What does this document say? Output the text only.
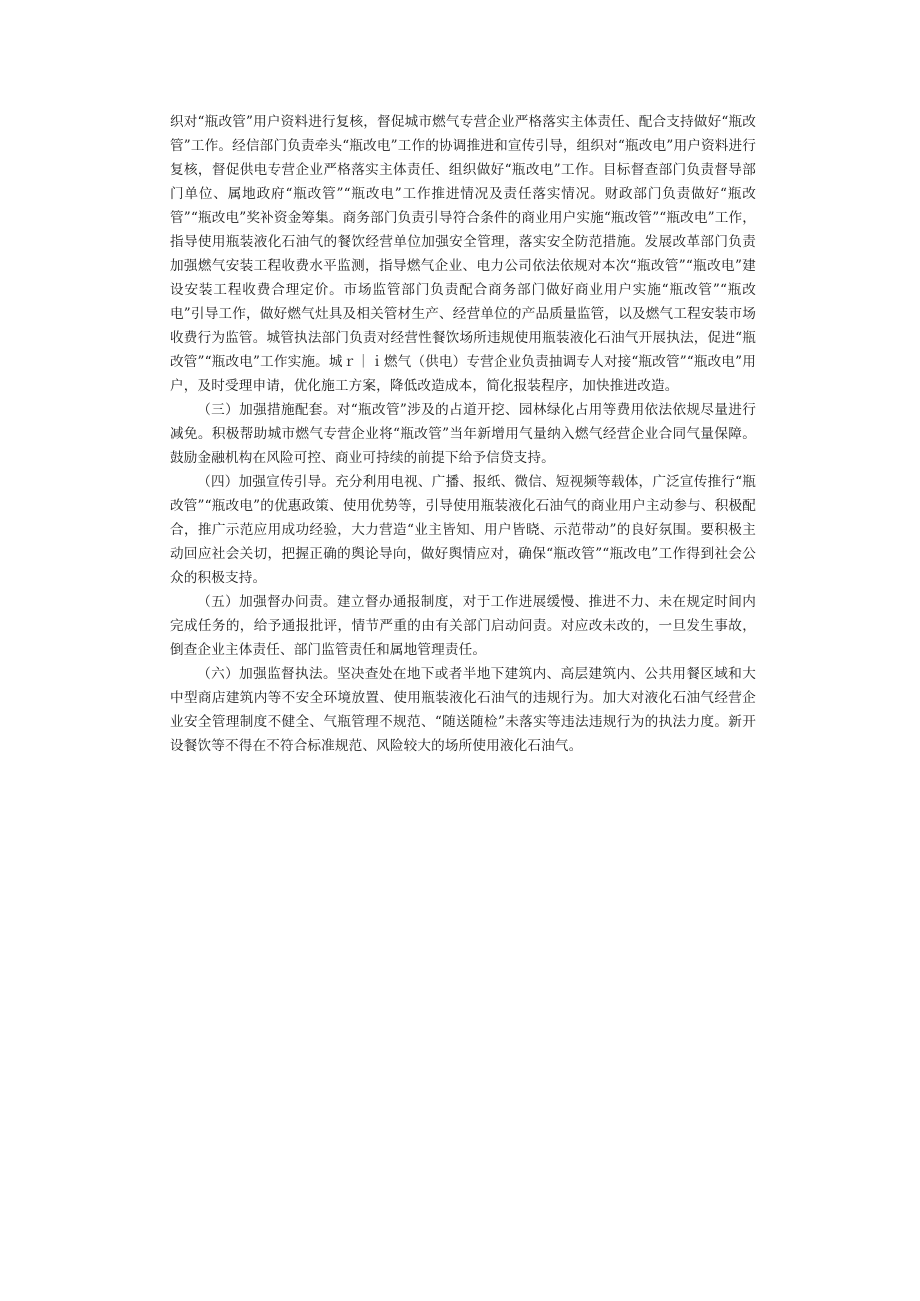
织对“瓶改管”用户资料进行复核，督促城市燃气专营企业严格落实主体责任、配合支持做好“瓶改管”工作。经信部门负责牵头“瓶改电”工作的协调推进和宣传引导，组织对“瓶改电”用户资料进行复核，督促供电专营企业严格落实主体责任、组织做好“瓶改电”工作。目标督查部门负责督导部门单位、属地政府“瓶改管”“瓶改电”工作推进情况及责任落实情况。财政部门负责做好“瓶改管”“瓶改电”奖补资金筹集。商务部门负责引导符合条件的商业用户实施“瓶改管”“瓶改电”工作，指导使用瓶装液化石油气的餐饮经营单位加强安全管理，落实安全防范措施。发展改革部门负责加强燃气安装工程收费水平监测，指导燃气企业、电力公司依法依规对本次“瓶改管”“瓶改电”建设安装工程收费合理定价。市场监管部门负责配合商务部门做好商业用户实施“瓶改管”“瓶改电”引导工作，做好燃气灶具及相关管材生产、经营单位的产品质量监管，以及燃气工程安装市场收费行为监管。城管执法部门负责对经营性餐饮场所违规使用瓶装液化石油气开展执法，促进“瓶改管”“瓶改电”工作实施。城ｒ｜ｉ燃气（供电）专营企业负责抽调专人对接“瓶改管”“瓶改电”用户，及时受理申请，优化施工方案，降低改造成本，简化报装程序，加快推进改造。

（三）加强措施配套。对“瓶改管”涉及的占道开挖、园林绿化占用等费用依法依规尽量进行减免。积极帮助城市燃气专营企业将“瓶改管”当年新增用气量纳入燃气经营企业合同气量保障。鼓励金融机构在风险可控、商业可持续的前提下给予信贷支持。

（四）加强宣传引导。充分利用电视、广播、报纸、微信、短视频等载体，广泛宣传推行“瓶改管”“瓶改电”的优惠政策、使用优势等，引导使用瓶装液化石油气的商业用户主动参与、积极配合，推广示范应用成功经验，大力营造“业主皆知、用户皆晓、示范带动”的良好氛围。要积极主动回应社会关切，把握正确的舆论导向，做好舆情应对，确保“瓶改管”“瓶改电”工作得到社会公众的积极支持。

（五）加强督办问责。建立督办通报制度，对于工作进展缓慢、推进不力、未在规定时间内完成任务的，给予通报批评，情节严重的由有关部门启动问责。对应改未改的，一旦发生事故，倒查企业主体责任、部门监管责任和属地管理责任。

（六）加强监督执法。坚决查处在地下或者半地下建筑内、高层建筑内、公共用餐区域和大中型商店建筑内等不安全环境放置、使用瓶装液化石油气的违规行为。加大对液化石油气经营企业安全管理制度不健全、气瓶管理不规范、“随送随检”未落实等违法违规行为的执法力度。新开设餐饮等不得在不符合标准规范、风险较大的场所使用液化石油气。
